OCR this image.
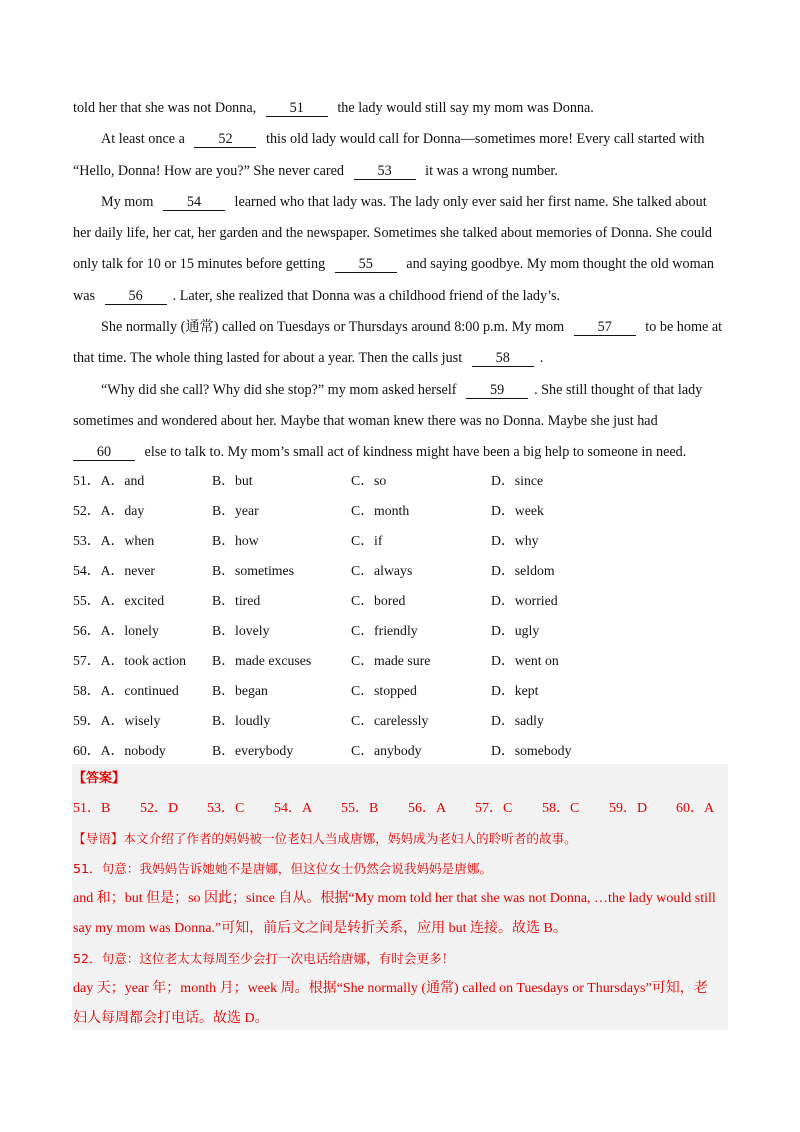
told her that she was not Donna, 51 the lady would still say my mom was Donna.
At least once a 52 this old lady would call for Donna—sometimes more! Every call started with
“Hello, Donna! How are you?” She never cared 53 it was a wrong number.
My mom 54 learned who that lady was. The lady only ever said her first name. She talked about
her daily life, her cat, her garden and the newspaper. Sometimes she talked about memories of Donna. She could
only talk for 10 or 15 minutes before getting 55 and saying goodbye. My mom thought the old woman
was 56 . Later, she realized that Donna was a childhood friend of the lady’s.
She normally (通常) called on Tuesdays or Thursdays around 8:00 p.m. My mom 57 to be home at
that time. The whole thing lasted for about a year. Then the calls just 58 .
“Why did she call? Why did she stop?” my mom asked herself 59 . She still thought of that lady
sometimes and wondered about her. Maybe that woman knew there was no Donna. Maybe she just had
60 else to talk to. My mom’s small act of kindness might have been a big help to someone in need.
51．A．and	B．but	C．so	D．since
52．A．day	B．year	C．month	D．week
53．A．when	B．how	C．if	D．why
54．A．never	B．sometimes	C．always	D．seldom
55．A．excited	B．tired	C．bored	D．worried
56．A．lonely	B．lovely	C．friendly	D．ugly
57．A．took action B．made excuses	C．made sure	D．went on
58．A．continued B．began	C．stopped	D．kept
59．A．wisely	B．loudly	C．carelessly	D．sadly
60．A．nobody	B．everybody	C．anybody	D．somebody
【答案】
51．B 52．D 53．C 54．A 55．B 56．A 57．C 58．C 59．D 60．A
【导语】本文介绍了作者的妈妈被一位老妇人当成唐娜，妈妈成为老妇人的聆听者的故事。
51．句意：我妈妈告诉她她不是唐娜，但这位女士仍然会说我妈妈是唐娜。
and 和；but 但是；so 因此；since 自从。根据“My mom told her that she was not Donna, …the lady would still
say my mom was Donna.”可知，前后文之间是转折关系，应用 but 连接。故选 B。
52．句意：这位老太太每周至少会打一次电话给唐娜，有时会更多！
day 天；year 年；month 月；week 周。根据“She normally (通常) called on Tuesdays or Thursdays”可知，老
妇人每周都会打电话。故选 D。
